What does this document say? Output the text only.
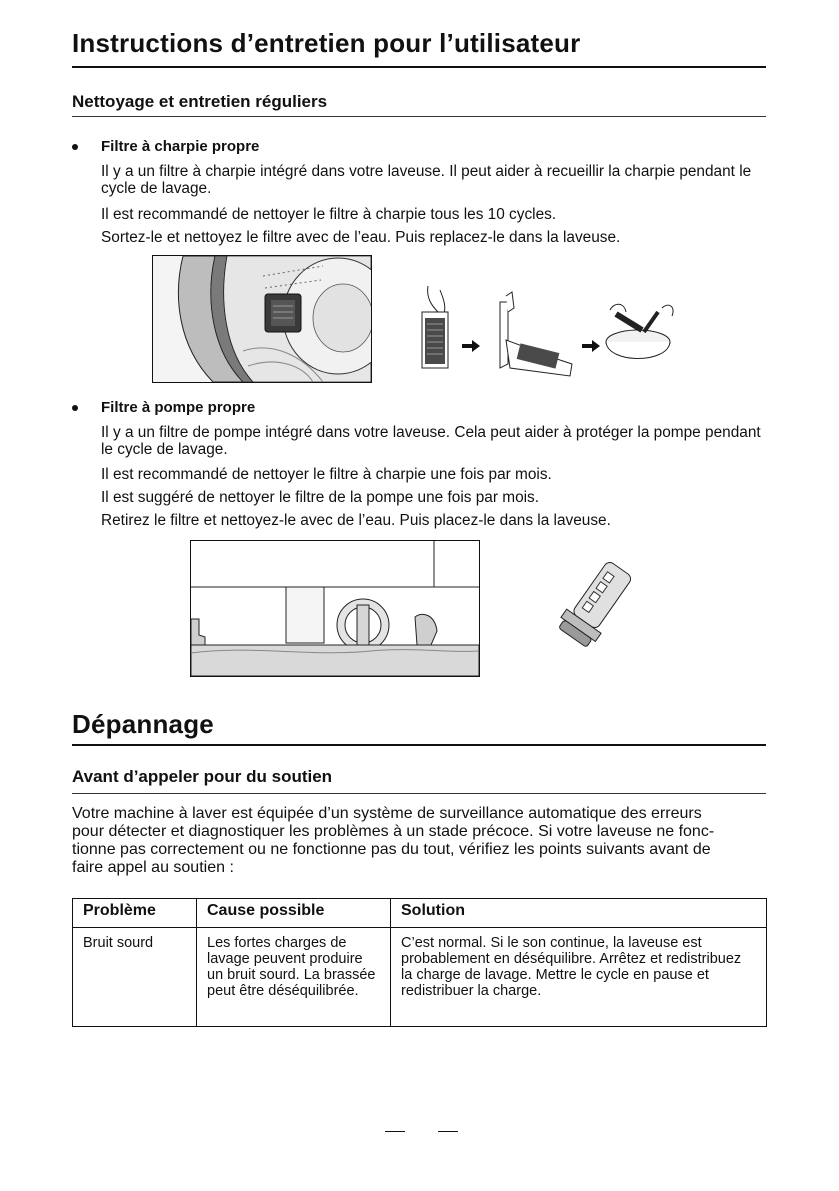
Instructions d’entretien pour l’utilisateur
Nettoyage et entretien réguliers
Filtre à charpie propre

Il y a un filtre à charpie intégré dans votre laveuse. Il peut aider à recueillir la charpie pendant le cycle de lavage.

Il est recommandé de nettoyer le filtre à charpie tous les 10 cycles.

Sortez-le et nettoyez le filtre avec de l’eau. Puis replacez-le dans la laveuse.

Filtre à pompe propre

Il y a un filtre de pompe intégré dans votre laveuse. Cela peut aider à protéger la pompe pendant le cycle de lavage.

Il est recommandé de nettoyer le filtre à charpie une fois par mois.

Il est suggéré de nettoyer le filtre de la pompe une fois par mois.

Retirez le filtre et nettoyez-le avec de l’eau. Puis placez-le dans la laveuse.

Dépannage
Avant d’appeler pour du soutien

Votre machine à laver est équipée d’un système de surveillance automatique des erreurs pour détecter et diagnostiquer les problèmes à un stade précoce. Si votre laveuse ne fonc-tionne pas correctement ou ne fonctionne pas du tout, vérifiez les points suivants avant de faire appel au soutien :

Problème	Cause possible	Solution
Bruit sourd	Les fortes charges de lavage peuvent produire un bruit sourd. La brassée peut être déséquilibrée.	C’est normal. Si le son continue, la laveuse est probablement en déséquilibre. Arrêtez et redistribuez la charge de lavage. Mettre le cycle en pause et redistribuer la charge.
